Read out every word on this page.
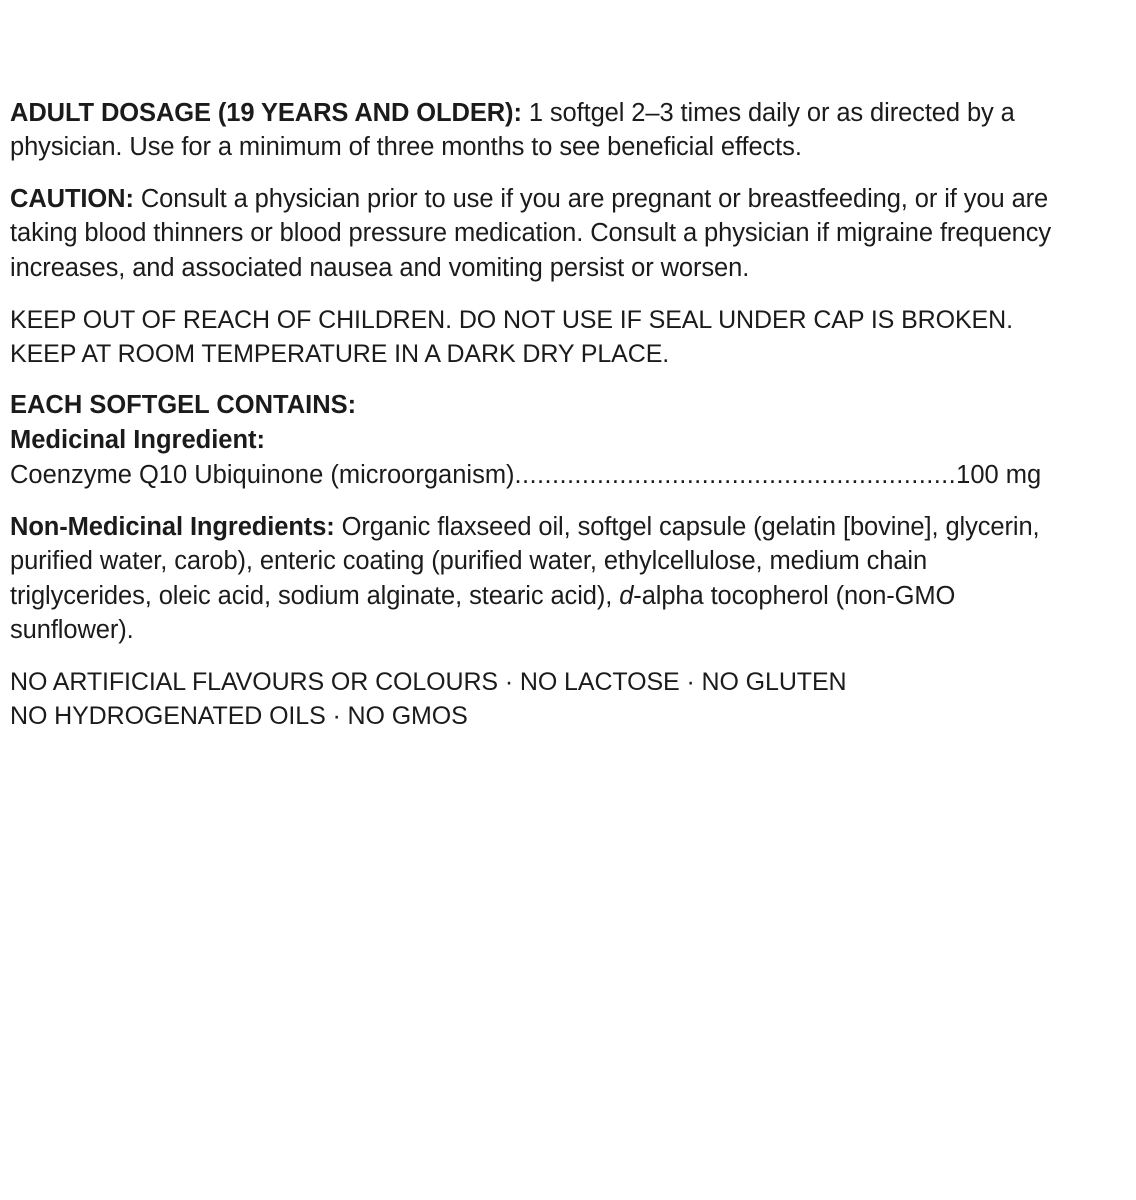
ADULT DOSAGE (19 YEARS AND OLDER): 1 softgel 2–3 times daily or as directed by a physician. Use for a minimum of three months to see beneficial effects.

CAUTION: Consult a physician prior to use if you are pregnant or breastfeeding, or if you are taking blood thinners or blood pressure medication. Consult a physician if migraine frequency increases, and associated nausea and vomiting persist or worsen.

KEEP OUT OF REACH OF CHILDREN. DO NOT USE IF SEAL UNDER CAP IS BROKEN.

KEEP AT ROOM TEMPERATURE IN A DARK DRY PLACE.

EACH SOFTGEL CONTAINS:

Medicinal Ingredient:

Coenzyme Q10 Ubiquinone (microorganism)...........................................................100 mg

Non-Medicinal Ingredients: Organic flaxseed oil, softgel capsule (gelatin [bovine], glycerin, purified water, carob), enteric coating (purified water, ethylcellulose, medium chain triglycerides, oleic acid, sodium alginate, stearic acid), d-alpha tocopherol (non-GMO sunflower).

NO ARTIFICIAL FLAVOURS OR COLOURS · NO LACTOSE · NO GLUTEN

NO HYDROGENATED OILS · NO GMOS
